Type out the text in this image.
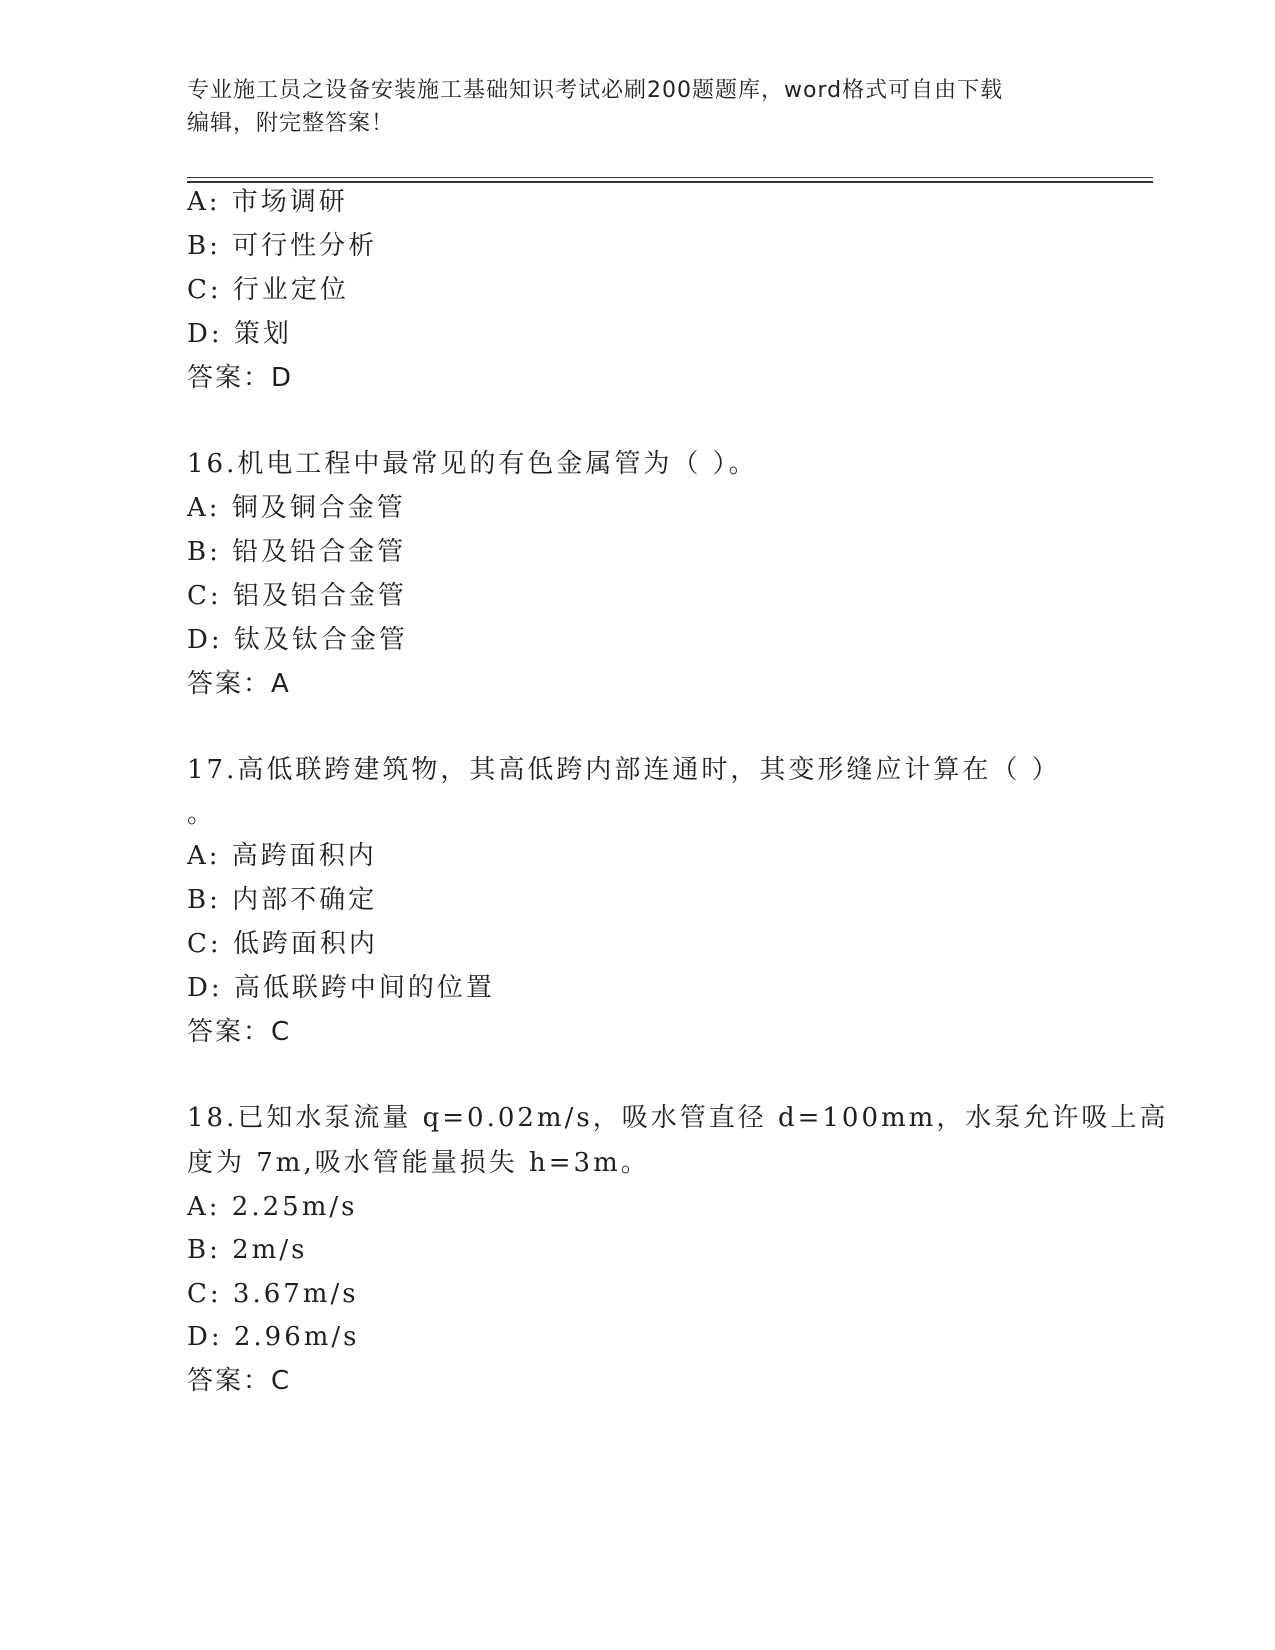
专业施工员之设备安装施工基础知识考试必刷200题题库，word格式可自由下载
编辑，附完整答案！
A: 市场调研
B: 可行性分析
C: 行业定位
D: 策划
答案：D
16.机电工程中最常见的有色金属管为（ ）。
A: 铜及铜合金管
B: 铅及铅合金管
C: 铝及铝合金管
D: 钛及钛合金管
答案：A
17.高低联跨建筑物，其高低跨内部连通时，其变形缝应计算在（ ）
。
A: 高跨面积内
B: 内部不确定
C: 低跨面积内
D: 高低联跨中间的位置
答案：C
18.已知水泵流量 q=0.02m/s，吸水管直径 d=100mm，水泵允许吸上高
度为 7m,吸水管能量损失 h=3m。
A: 2.25m/s
B: 2m/s
C: 3.67m/s
D: 2.96m/s
答案：C
